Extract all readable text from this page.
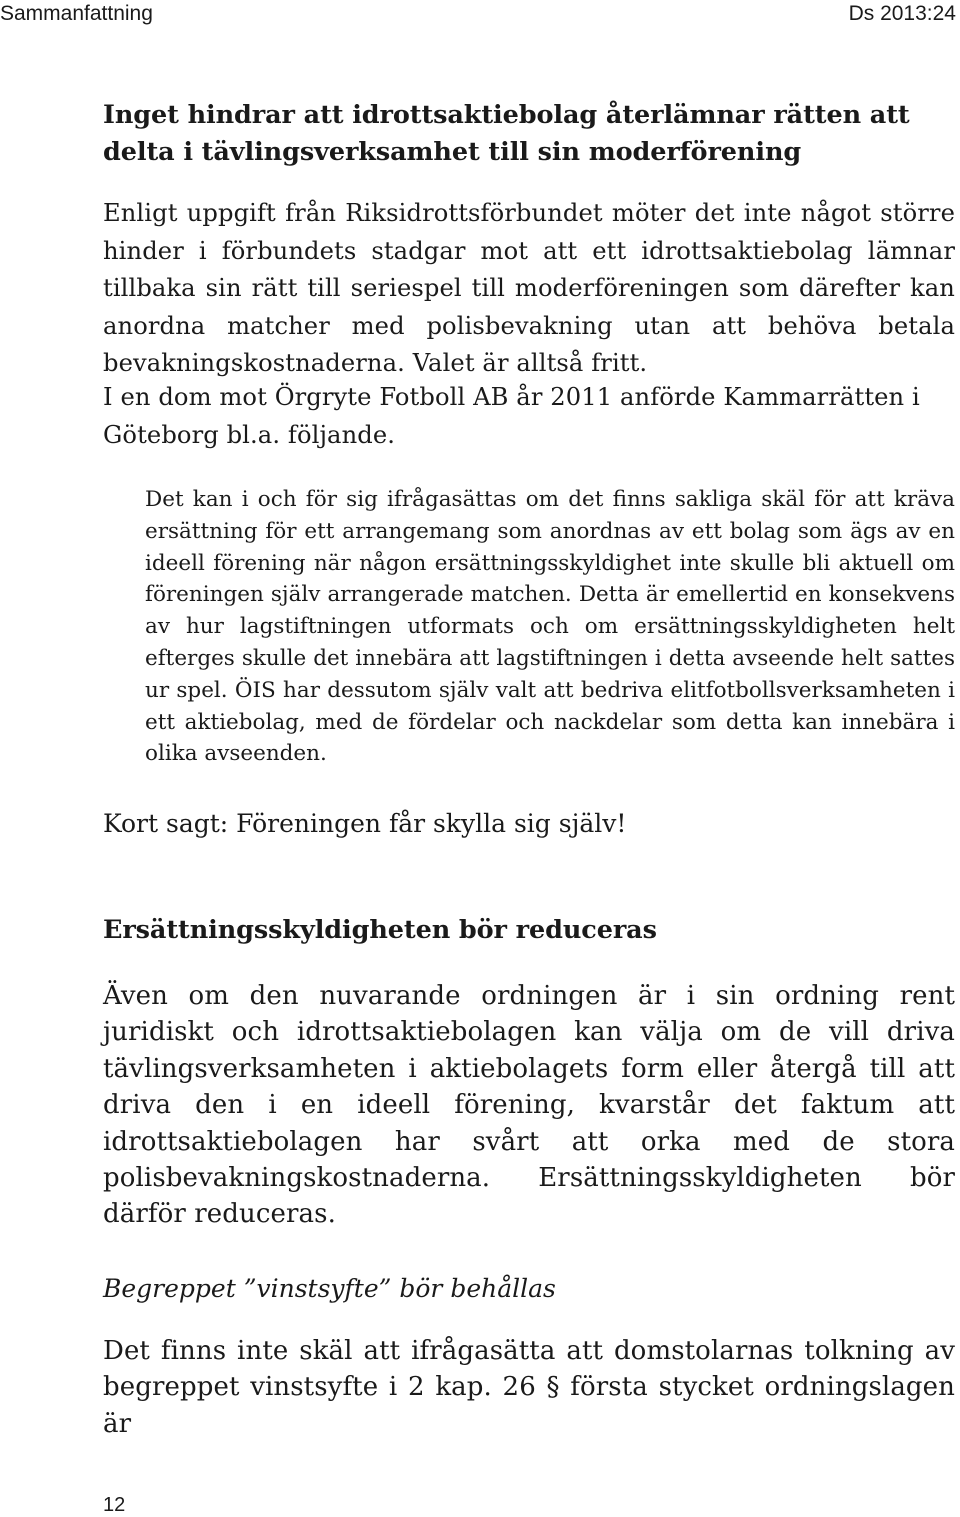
Sammanfattning	Ds 2013:24
Inget hindrar att idrottsaktiebolag återlämnar rätten att delta i tävlingsverksamhet till sin moderförening

Enligt uppgift från Riksidrottsförbundet möter det inte något större hinder i förbundets stadgar mot att ett idrottsaktiebolag lämnar tillbaka sin rätt till seriespel till moderföreningen som därefter kan anordna matcher med polisbevakning utan att behöva betala bevakningskostnaderna. Valet är alltså fritt.

I en dom mot Örgryte Fotboll AB år 2011 anförde Kammarrätten i Göteborg bl.a. följande.

Det kan i och för sig ifrågasättas om det finns sakliga skäl för att kräva ersättning för ett arrangemang som anordnas av ett bolag som ägs av en ideell förening när någon ersättningsskyldighet inte skulle bli aktuell om föreningen själv arrangerade matchen. Detta är emellertid en konsekvens av hur lagstiftningen utformats och om ersättningsskyldigheten helt efterges skulle det innebära att lagstiftningen i detta avseende helt sattes ur spel. ÖIS har dessutom själv valt att bedriva elitfotbollsverksamheten i ett aktiebolag, med de fördelar och nackdelar som detta kan innebära i olika avseenden.

Kort sagt: Föreningen får skylla sig själv!

Ersättningsskyldigheten bör reduceras

Även om den nuvarande ordningen är i sin ordning rent juridiskt och idrottsaktiebolagen kan välja om de vill driva tävlingsverksamheten i aktiebolagets form eller återgå till att driva den i en ideell förening, kvarstår det faktum att idrottsaktiebolagen har svårt att orka med de stora polisbevakningskostnaderna. Ersättningsskyldigheten bör därför reduceras.

Begreppet ”vinstsyfte” bör behållas

Det finns inte skäl att ifrågasätta att domstolarnas tolkning av begreppet vinstsyfte i 2 kap. 26 § första stycket ordningslagen är

12
